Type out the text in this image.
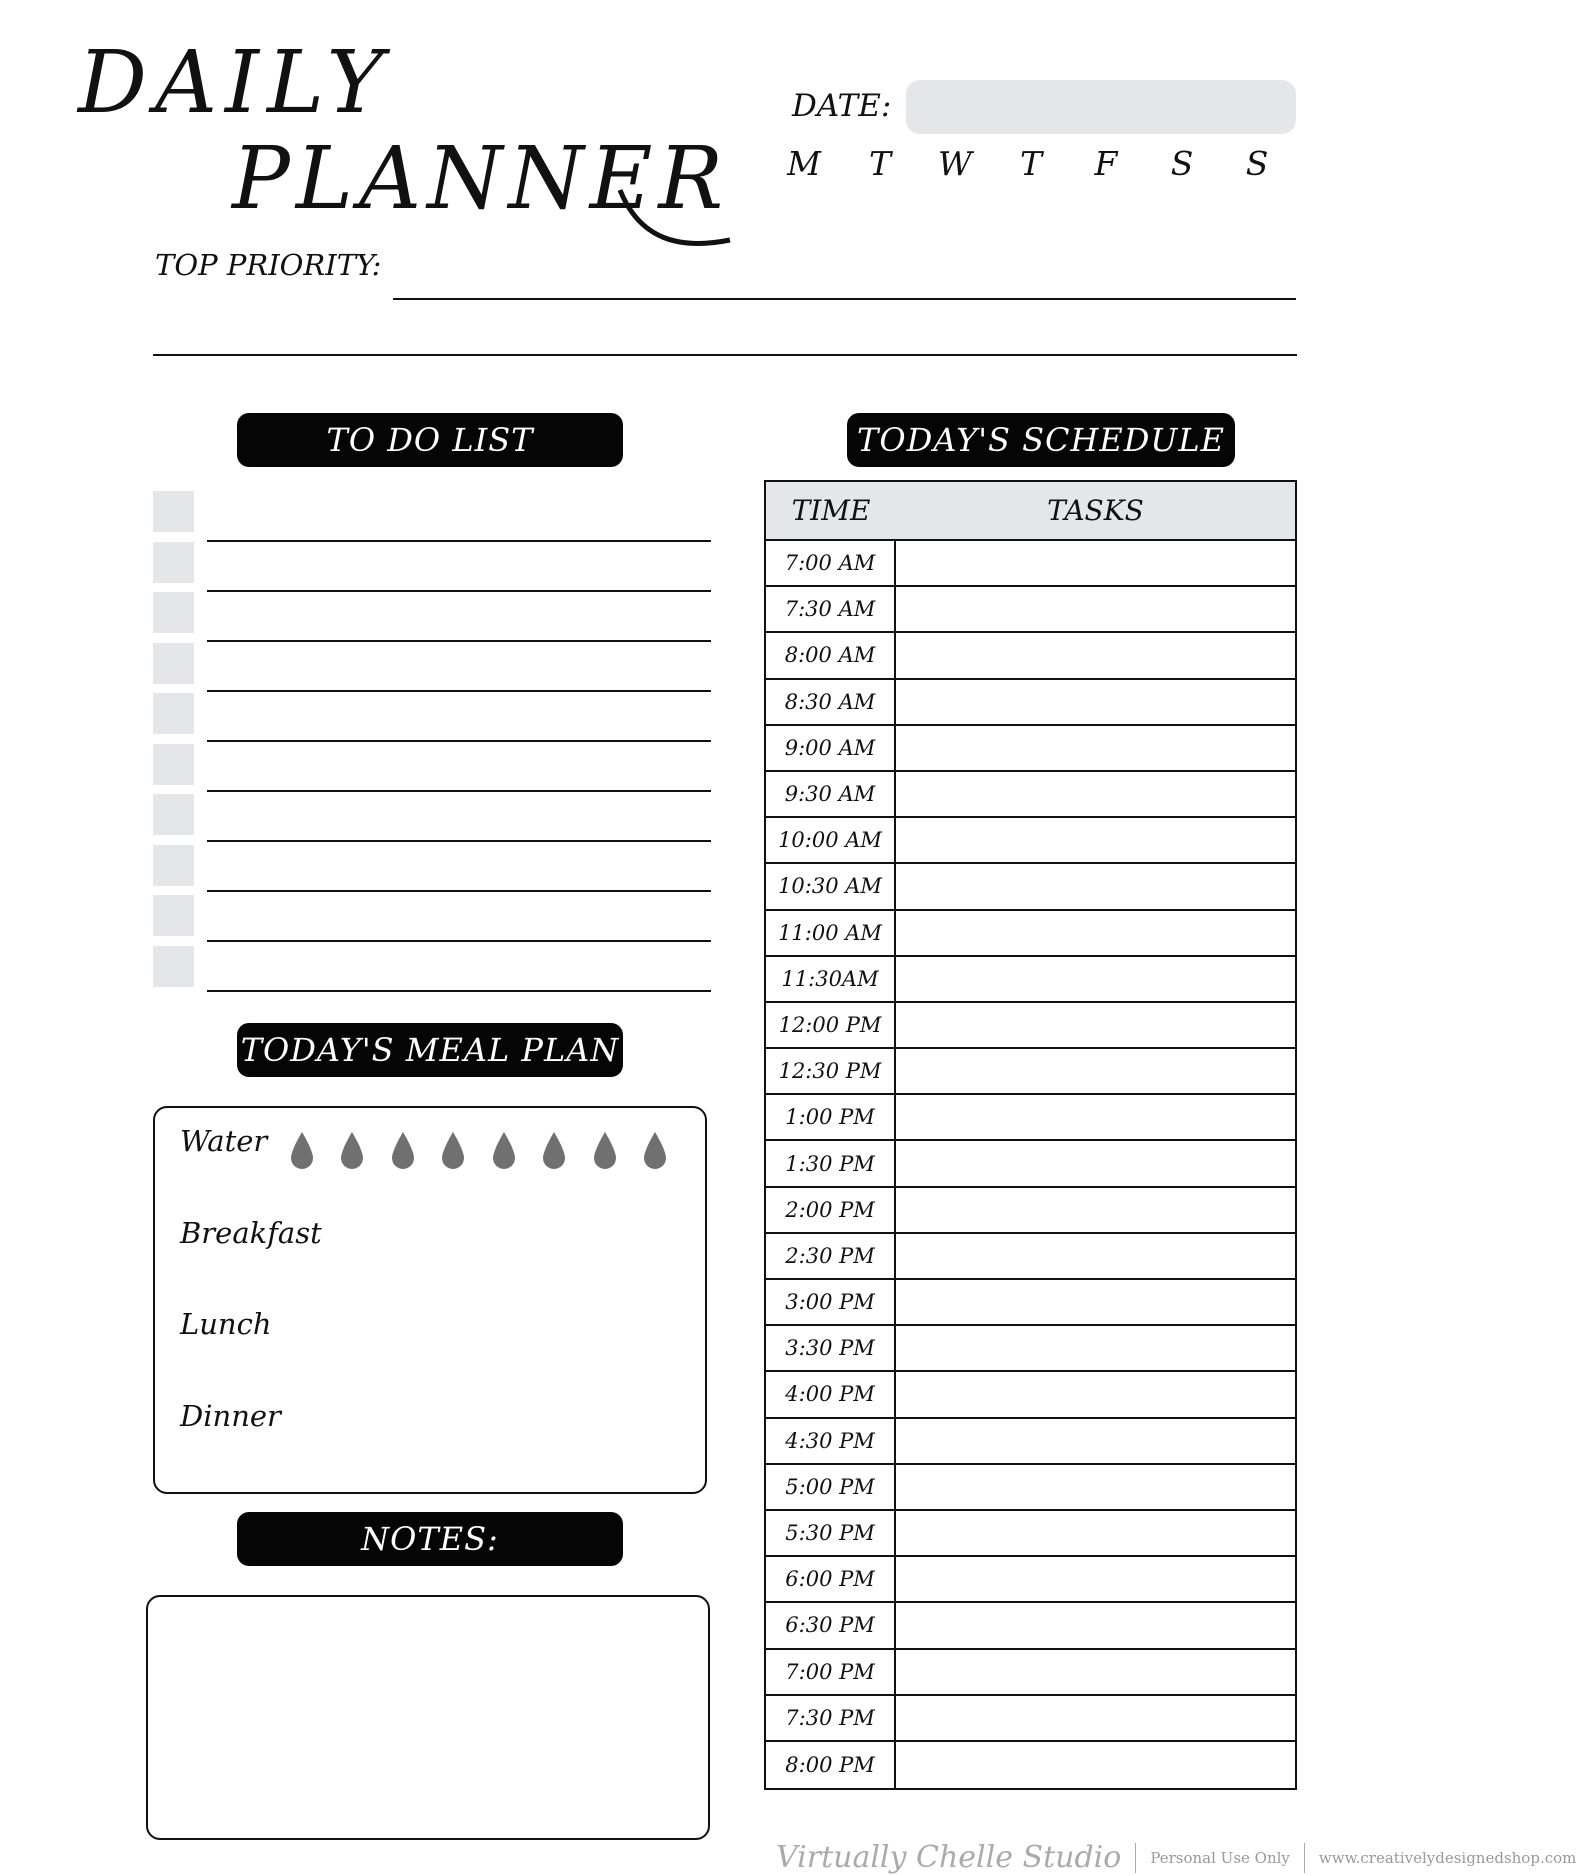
DAILY
PLANNER
DATE:
M T W T F S S
TOP PRIORITY:
TO DO LIST
TODAY'S MEAL PLAN
Water
Breakfast
Lunch
Dinner
NOTES:
TODAY'S SCHEDULE
TIME	TASKS
7:00 AM
7:30 AM
8:00 AM
8:30 AM
9:00 AM
9:30 AM
10:00 AM
10:30 AM
11:00 AM
11:30AM
12:00 PM
12:30 PM
1:00 PM
1:30 PM
2:00 PM
2:30 PM
3:00 PM
3:30 PM
4:00 PM
4:30 PM
5:00 PM
5:30 PM
6:00 PM
6:30 PM
7:00 PM
7:30 PM
8:00 PM
Virtually Chelle Studio Personal Use Only www.creativelydesignedshop.com
